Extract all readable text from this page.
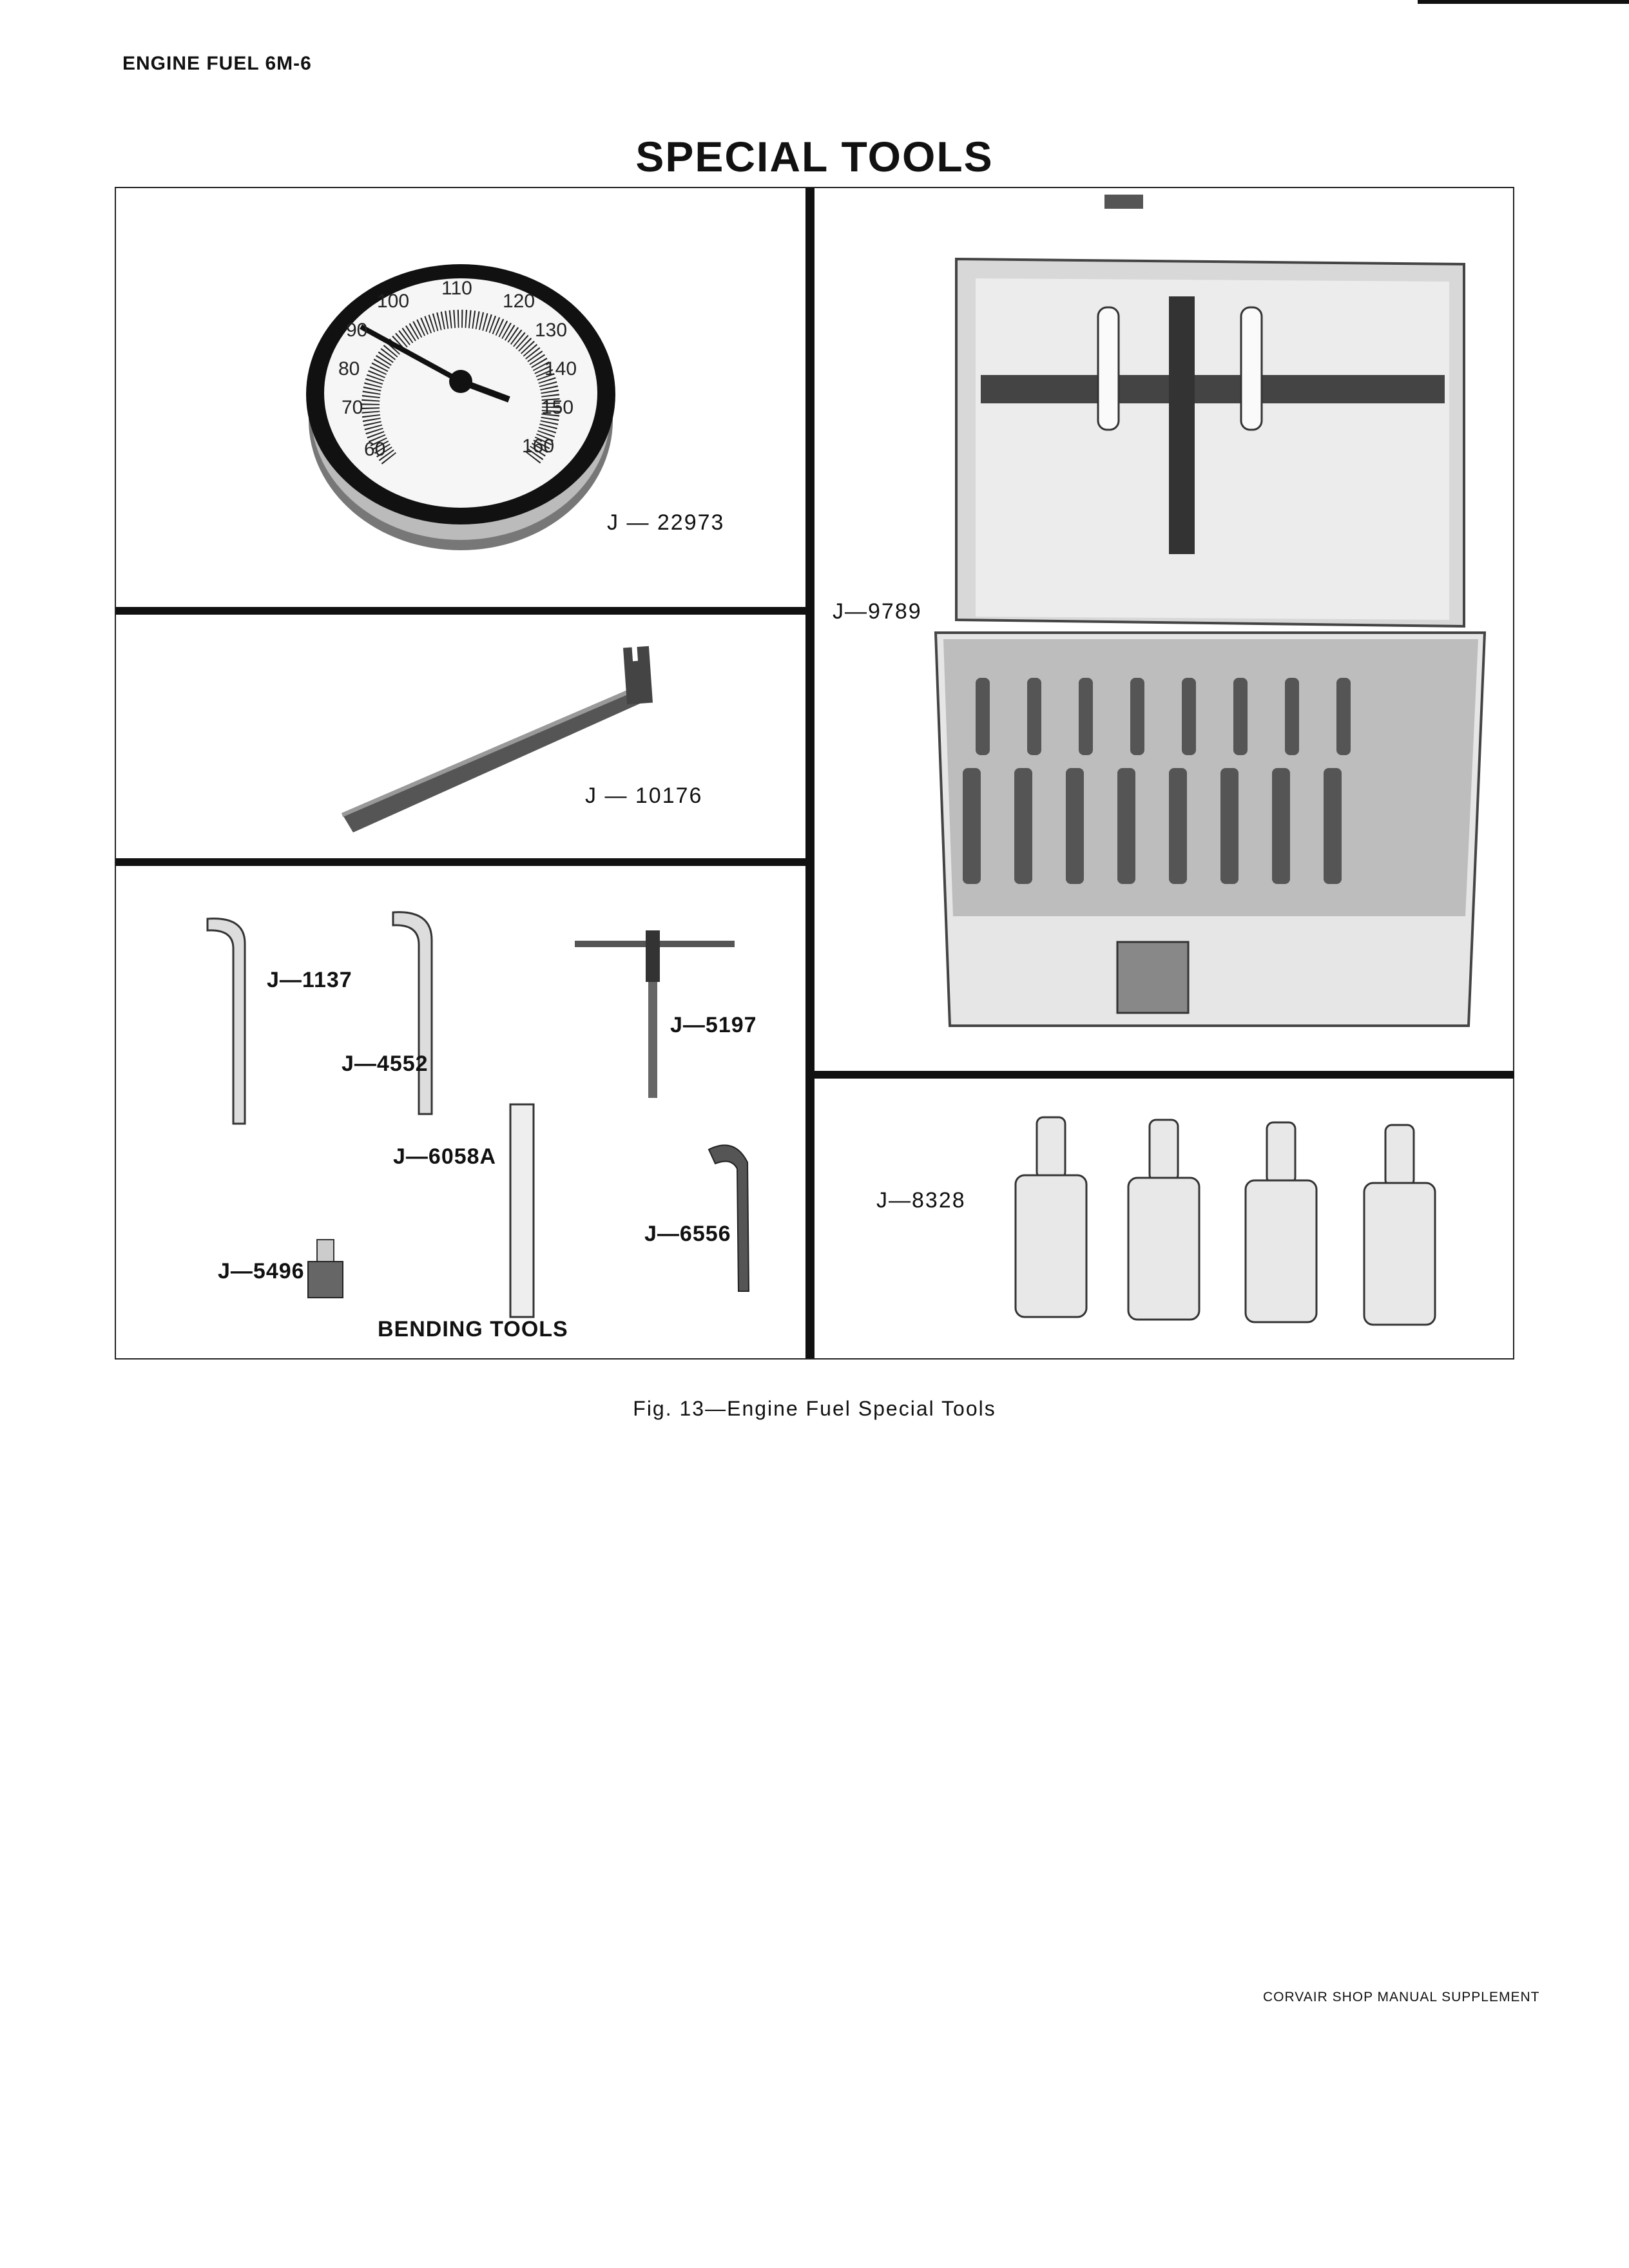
ENGINE FUEL 6M-6
SPECIAL TOOLS
60
70
80
90
100
110
120
130
140
150
160
J — 22973
J — 10176
J—1137
J—4552
J—5197
J—6058A
J—6556
J—5496
BENDING TOOLS
J—9789
J—8328
Fig. 13—Engine Fuel Special Tools
CORVAIR SHOP MANUAL SUPPLEMENT
